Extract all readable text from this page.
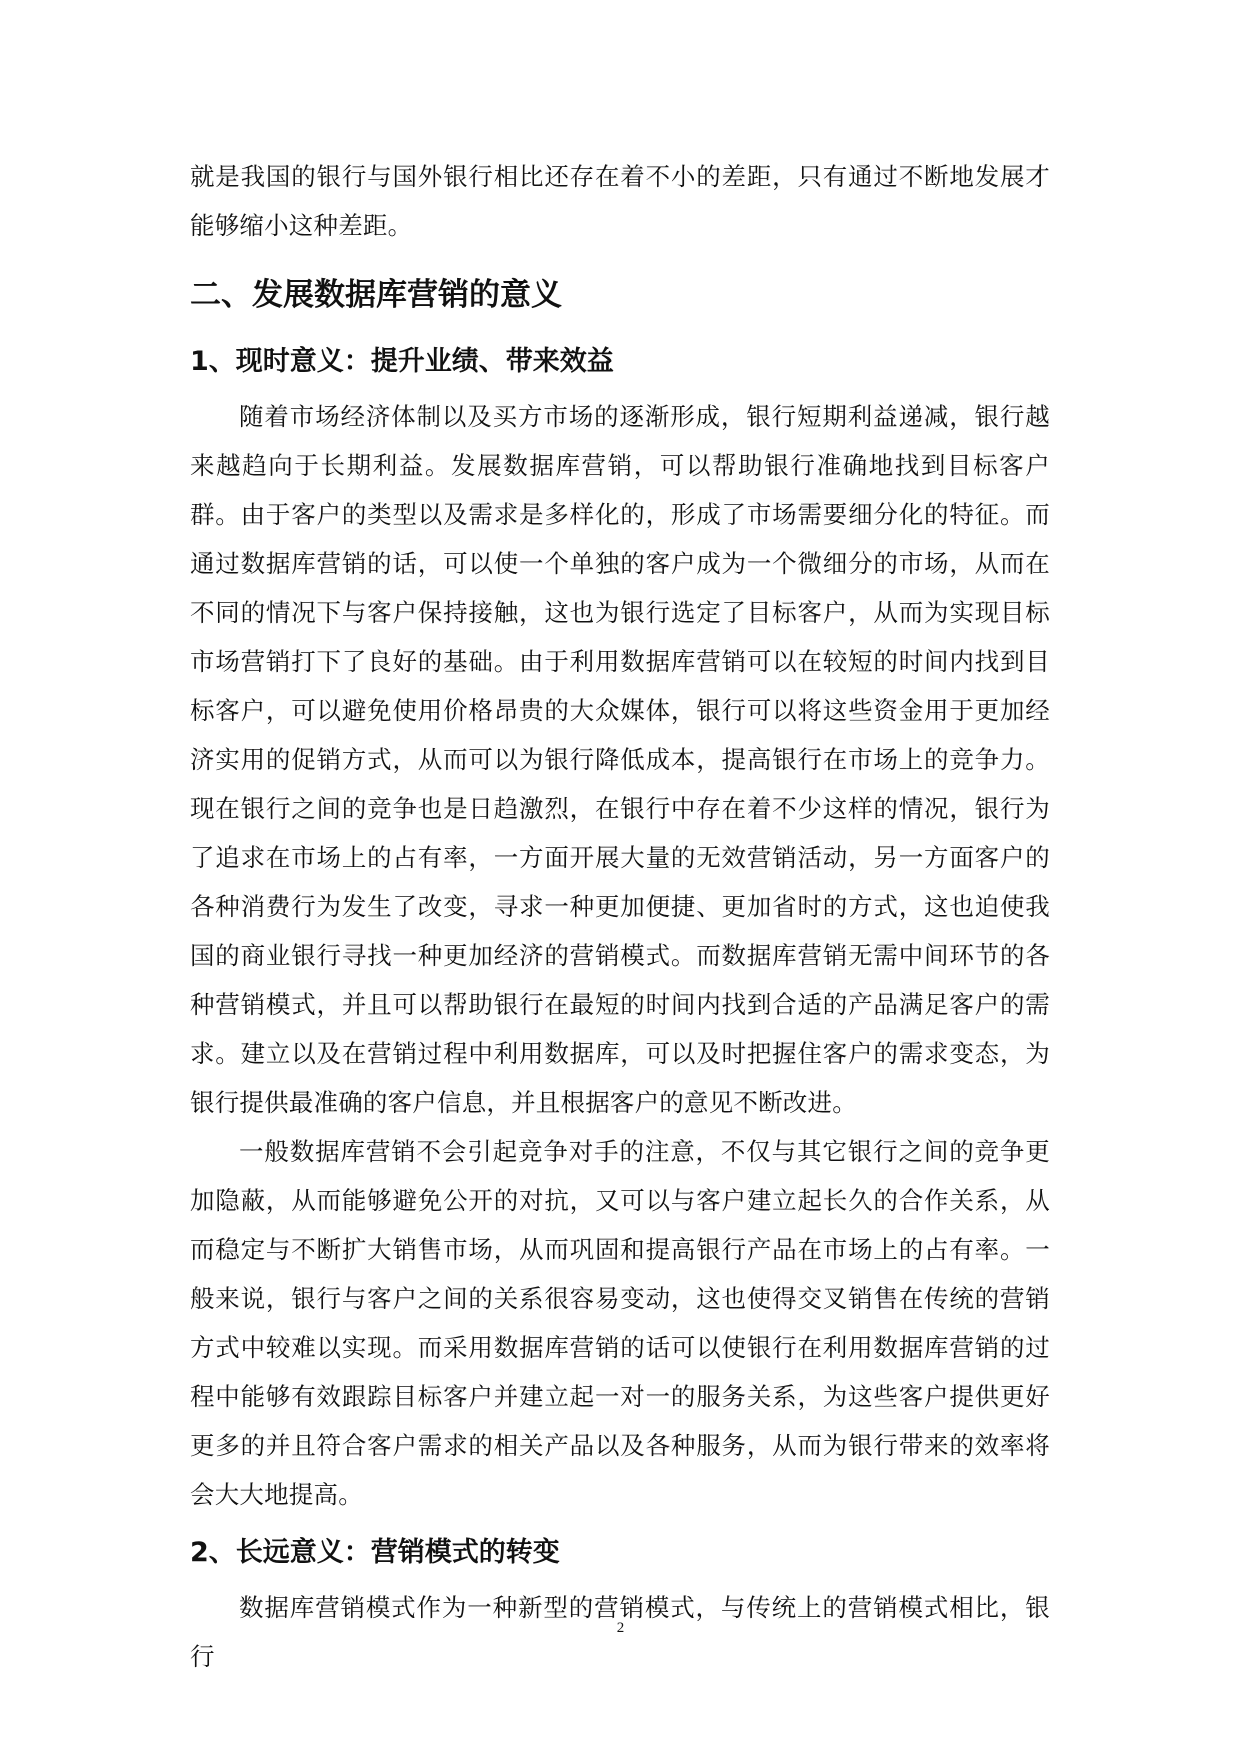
就是我国的银行与国外银行相比还存在着不小的差距，只有通过不断地发展才能够缩小这种差距。

二、发展数据库营销的意义
1、现时意义：提升业绩、带来效益

随着市场经济体制以及买方市场的逐渐形成，银行短期利益递减，银行越来越趋向于长期利益。发展数据库营销，可以帮助银行准确地找到目标客户群。由于客户的类型以及需求是多样化的，形成了市场需要细分化的特征。而通过数据库营销的话，可以使一个单独的客户成为一个微细分的市场，从而在不同的情况下与客户保持接触，这也为银行选定了目标客户，从而为实现目标市场营销打下了良好的基础。由于利用数据库营销可以在较短的时间内找到目标客户，可以避免使用价格昂贵的大众媒体，银行可以将这些资金用于更加经济实用的促销方式，从而可以为银行降低成本，提高银行在市场上的竞争力。现在银行之间的竞争也是日趋激烈，在银行中存在着不少这样的情况，银行为了追求在市场上的占有率，一方面开展大量的无效营销活动，另一方面客户的各种消费行为发生了改变，寻求一种更加便捷、更加省时的方式，这也迫使我国的商业银行寻找一种更加经济的营销模式。而数据库营销无需中间环节的各种营销模式，并且可以帮助银行在最短的时间内找到合适的产品满足客户的需求。建立以及在营销过程中利用数据库，可以及时把握住客户的需求变态，为银行提供最准确的客户信息，并且根据客户的意见不断改进。

一般数据库营销不会引起竞争对手的注意，不仅与其它银行之间的竞争更加隐蔽，从而能够避免公开的对抗，又可以与客户建立起长久的合作关系，从而稳定与不断扩大销售市场，从而巩固和提高银行产品在市场上的占有率。一般来说，银行与客户之间的关系很容易变动，这也使得交叉销售在传统的营销方式中较难以实现。而采用数据库营销的话可以使银行在利用数据库营销的过程中能够有效跟踪目标客户并建立起一对一的服务关系，为这些客户提供更好更多的并且符合客户需求的相关产品以及各种服务，从而为银行带来的效率将会大大地提高。

2、长远意义：营销模式的转变

数据库营销模式作为一种新型的营销模式，与传统上的营销模式相比，银行

2
